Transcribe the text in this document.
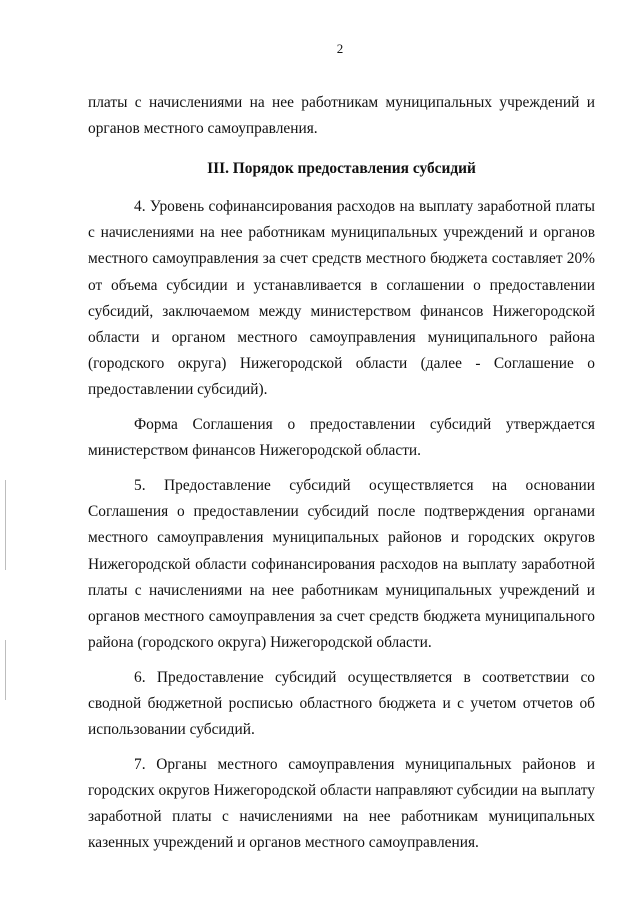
2

платы с начислениями на нее работникам муниципальных учреждений и
органов местного самоуправления.

III. Порядок предоставления субсидий

4. Уровень софинансирования расходов на выплату заработной платы
с начислениями на нее работникам муниципальных учреждений и органов
местного самоуправления за счет средств местного бюджета составляет 20%
от объема субсидии и устанавливается в соглашении о предоставлении
субсидий, заключаемом между министерством финансов Нижегородской
области и органом местного самоуправления муниципального района
(городского округа) Нижегородской области (далее - Соглашение о
предоставлении субсидий).

Форма Соглашения о предоставлении субсидий утверждается
министерством финансов Нижегородской области.

5. Предоставление субсидий осуществляется на основании
Соглашения о предоставлении субсидий после подтверждения органами
местного самоуправления муниципальных районов и городских округов
Нижегородской области софинансирования расходов на выплату заработной
платы с начислениями на нее работникам муниципальных учреждений и
органов местного самоуправления за счет средств бюджета муниципального
района (городского округа) Нижегородской области.

6. Предоставление субсидий осуществляется в соответствии со
сводной бюджетной росписью областного бюджета и с учетом отчетов об
использовании субсидий.

7. Органы местного самоуправления муниципальных районов и
городских округов Нижегородской области направляют субсидии на выплату
заработной платы с начислениями на нее работникам муниципальных
казенных учреждений и органов местного самоуправления.
